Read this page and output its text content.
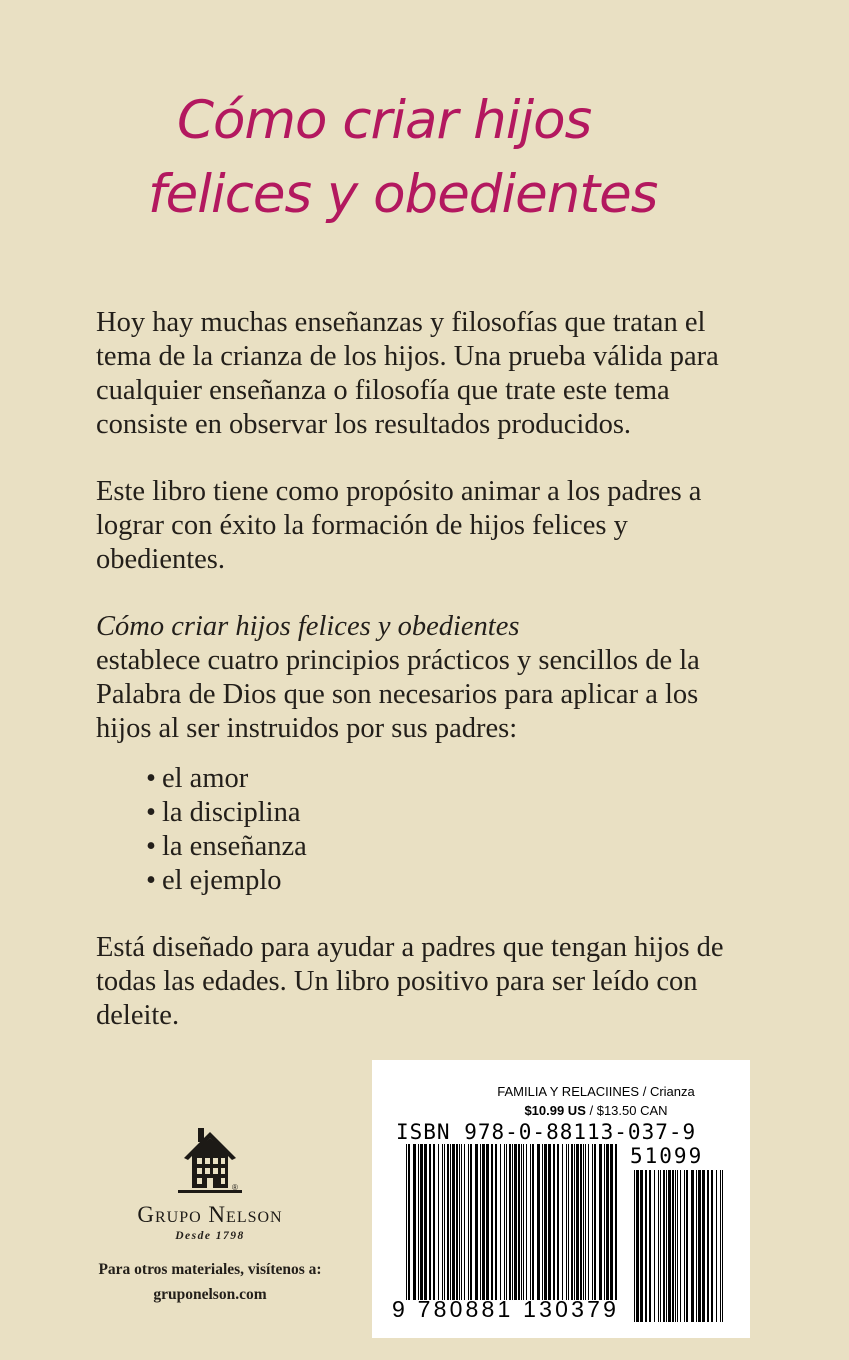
Cómo criar hijos
felices y obedientes

Hoy hay muchas enseñanzas y filosofías que tratan el tema de la crianza de los hijos. Una prueba válida para cualquier enseñanza o filosofía que trate este tema consiste en observar los resultados producidos.

Este libro tiene como propósito animar a los padres a lograr con éxito la formación de hijos felices y obedientes.

Cómo criar hijos felices y obedientes
establece cuatro principios prácticos y sencillos de la Palabra de Dios que son necesarios para aplicar a los hijos al ser instruidos por sus padres:

• el amor
• la disciplina
• la enseñanza
• el ejemplo

Está diseñado para ayudar a padres que tengan hijos de todas las edades. Un libro positivo para ser leído con deleite.

®
Grupo Nelson
Desde 1798
Para otros materiales, visítenos a:
gruponelson.com
FAMILIA Y RELACIINES / Crianza
$10.99 US / $13.50 CAN
ISBN 978-0-88113-037-9
51099
9 780881 130379
